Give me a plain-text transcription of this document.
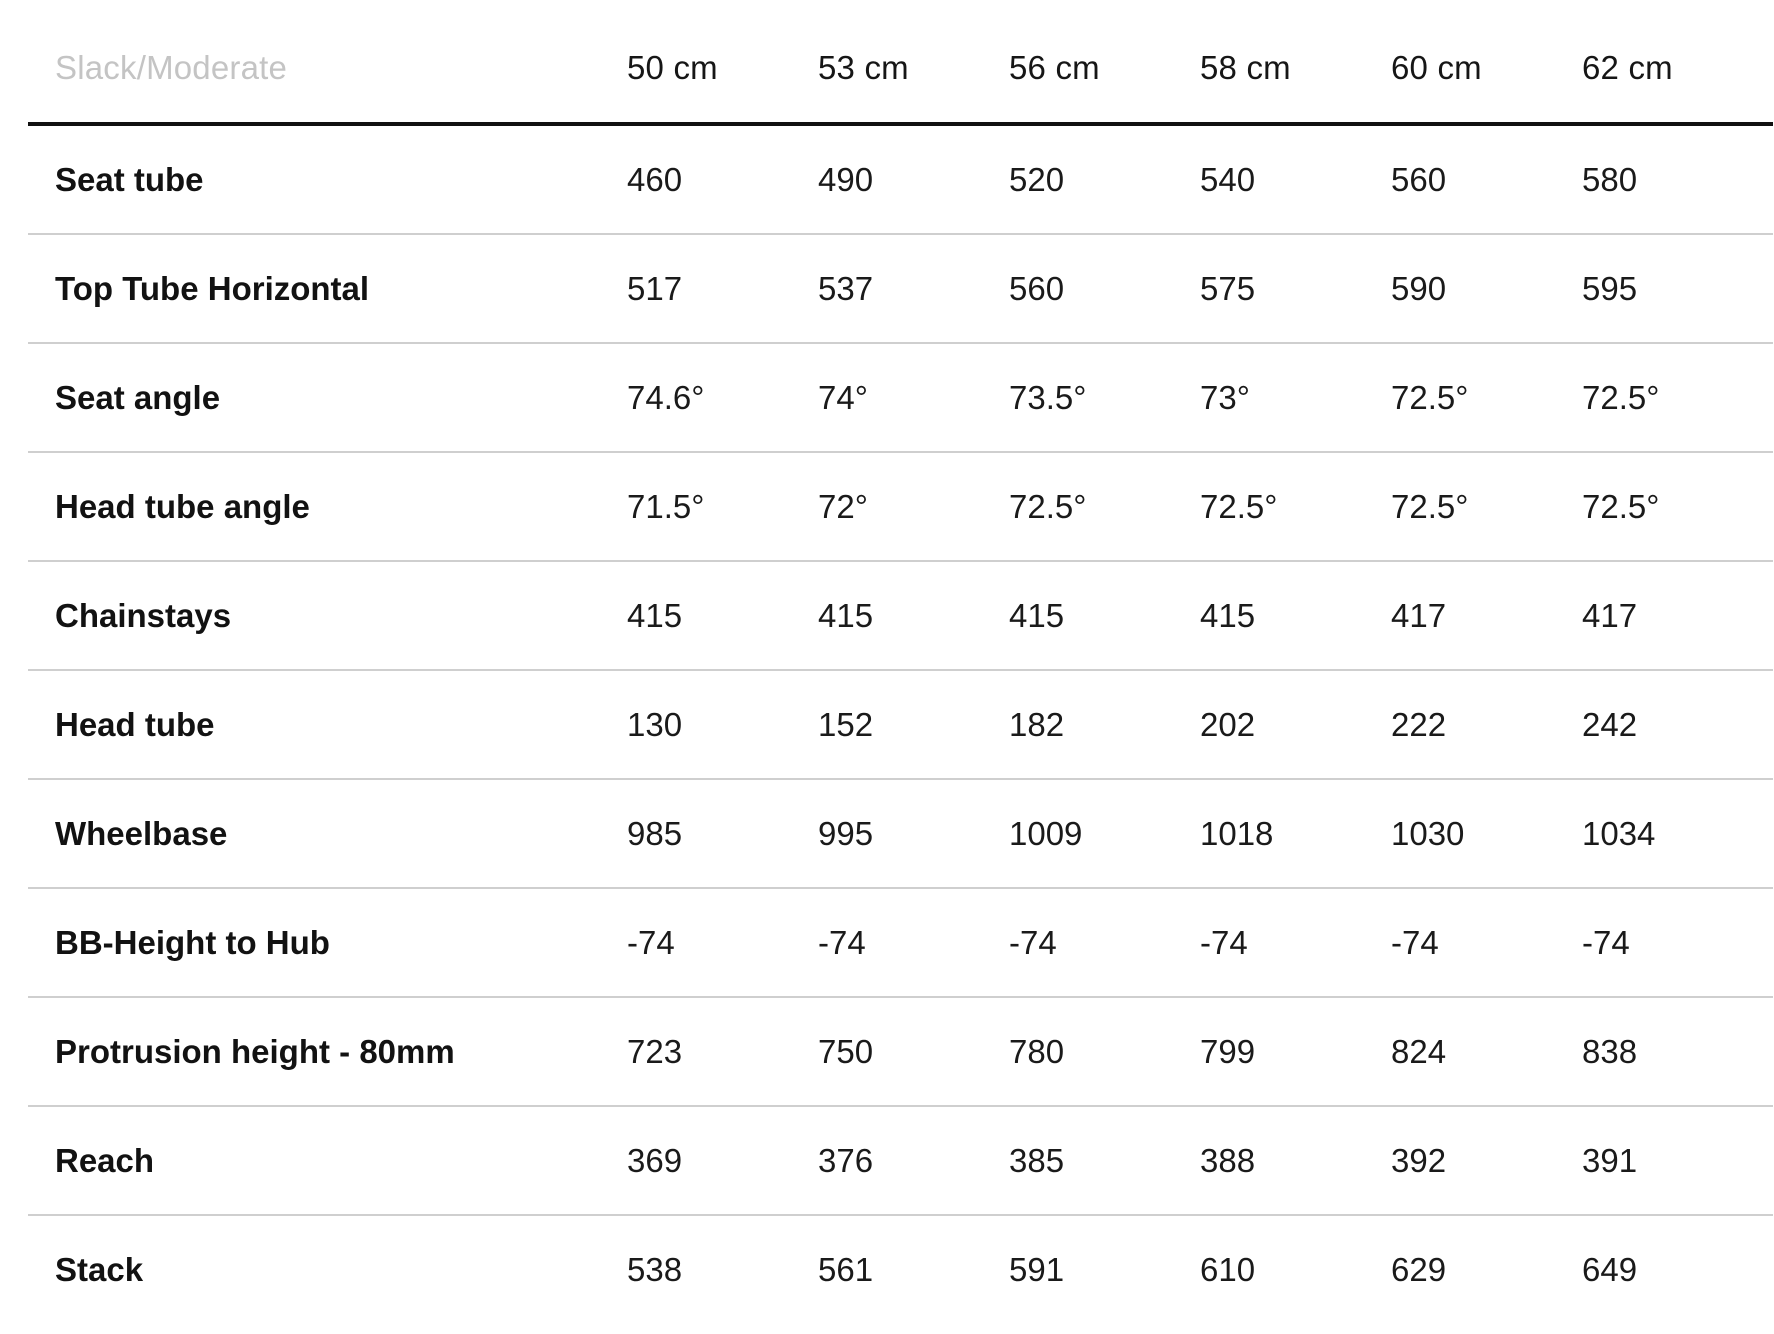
Slack/Moderate	50 cm	53 cm	56 cm	58 cm	60 cm	62 cm
Seat tube	460	490	520	540	560	580
Top Tube Horizontal	517	537	560	575	590	595
Seat angle	74.6°	74°	73.5°	73°	72.5°	72.5°
Head tube angle	71.5°	72°	72.5°	72.5°	72.5°	72.5°
Chainstays	415	415	415	415	417	417
Head tube	130	152	182	202	222	242
Wheelbase	985	995	1009	1018	1030	1034
BB-Height to Hub	-74	-74	-74	-74	-74	-74
Protrusion height - 80mm	723	750	780	799	824	838
Reach	369	376	385	388	392	391
Stack	538	561	591	610	629	649
